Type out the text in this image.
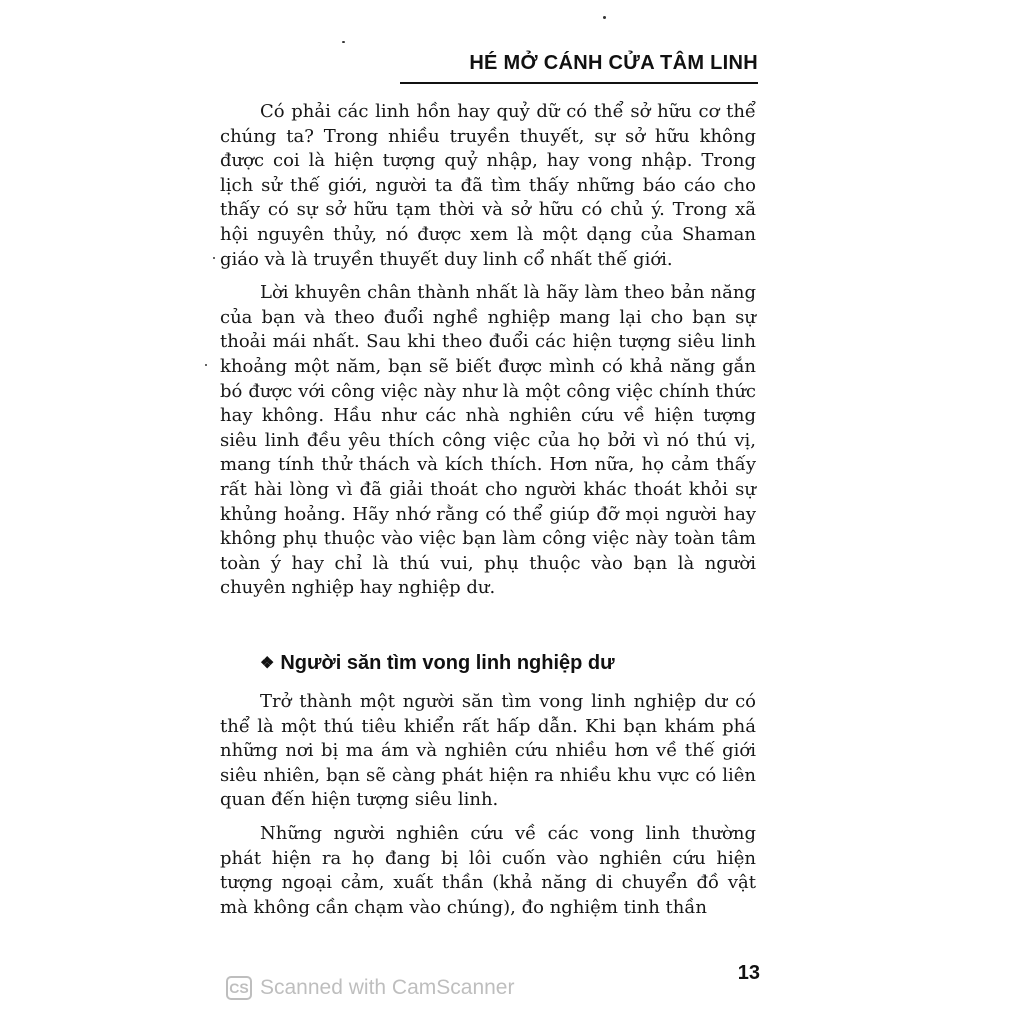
HÉ MỞ CÁNH CỬA TÂM LINH

Có phải các linh hồn hay quỷ dữ có thể sở hữu cơ thể chúng ta? Trong nhiều truyền thuyết, sự sở hữu không được coi là hiện tượng quỷ nhập, hay vong nhập. Trong lịch sử thế giới, người ta đã tìm thấy những báo cáo cho thấy có sự sở hữu tạm thời và sở hữu có chủ ý. Trong xã hội nguyên thủy, nó được xem là một dạng của Shaman giáo và là truyền thuyết duy linh cổ nhất thế giới.

Lời khuyên chân thành nhất là hãy làm theo bản năng của bạn và theo đuổi nghề nghiệp mang lại cho bạn sự thoải mái nhất. Sau khi theo đuổi các hiện tượng siêu linh khoảng một năm, bạn sẽ biết được mình có khả năng gắn bó được với công việc này như là một công việc chính thức hay không. Hầu như các nhà nghiên cứu về hiện tượng siêu linh đều yêu thích công việc của họ bởi vì nó thú vị, mang tính thử thách và kích thích. Hơn nữa, họ cảm thấy rất hài lòng vì đã giải thoát cho người khác thoát khỏi sự khủng hoảng. Hãy nhớ rằng có thể giúp đỡ mọi người hay không phụ thuộc vào việc bạn làm công việc này toàn tâm toàn ý hay chỉ là thú vui, phụ thuộc vào bạn là người chuyên nghiệp hay nghiệp dư.

❖ Người săn tìm vong linh nghiệp dư

Trở thành một người săn tìm vong linh nghiệp dư có thể là một thú tiêu khiển rất hấp dẫn. Khi bạn khám phá những nơi bị ma ám và nghiên cứu nhiều hơn về thế giới siêu nhiên, bạn sẽ càng phát hiện ra nhiều khu vực có liên quan đến hiện tượng siêu linh.

Những người nghiên cứu về các vong linh thường phát hiện ra họ đang bị lôi cuốn vào nghiên cứu hiện tượng ngoại cảm, xuất thần (khả năng di chuyển đồ vật mà không cần chạm vào chúng), đo nghiệm tinh thần

13
CS Scanned with CamScanner
